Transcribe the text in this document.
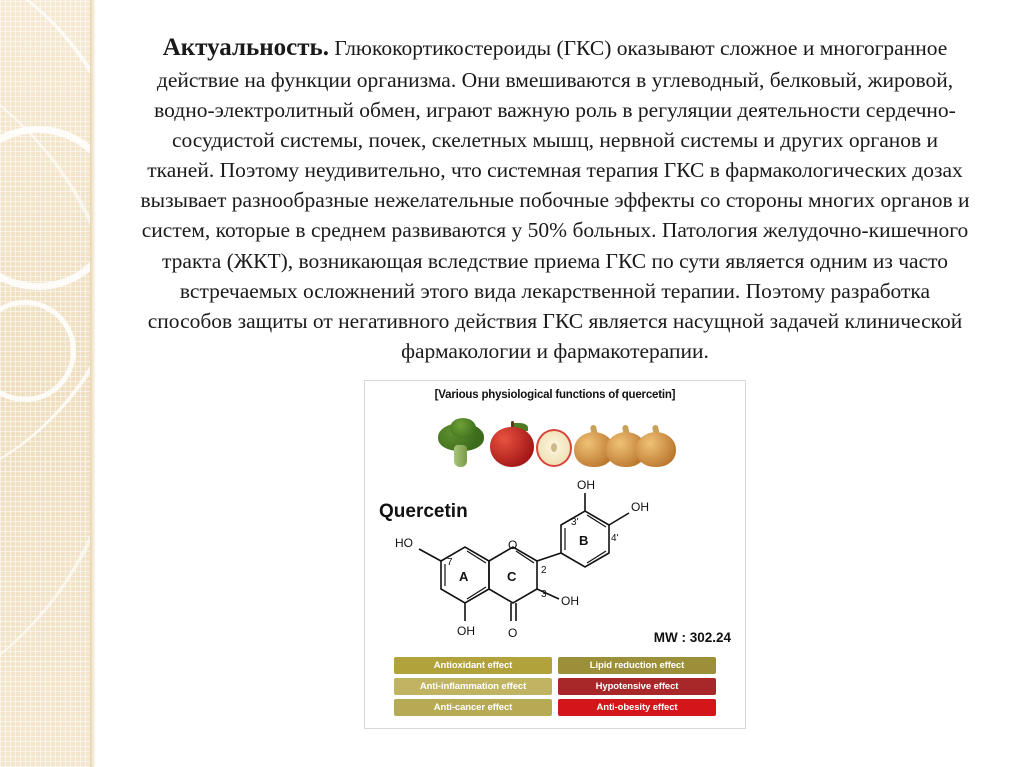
Актуальность. Глюкокортикостероиды (ГКС) оказывают сложное и многогранное действие на функции организма. Они вмешиваются в углеводный, белковый, жировой, водно-электролитный обмен, играют важную роль в регуляции деятельности сердечно-сосудистой системы, почек, скелетных мышц, нервной системы и других органов и тканей. Поэтому неудивительно, что системная терапия ГКС в фармакологических дозах вызывает разнообразные нежелательные побочные эффекты со стороны многих органов и систем, которые в среднем развиваются у 50% больных. Патология желудочно-кишечного тракта (ЖКТ), возникающая вследствие приема ГКС по сути является одним из часто встречаемых осложнений этого вида лекарственной терапии. Поэтому разработка способов защиты от негативного действия ГКС является насущной задачей клинической фармакологии и фармакотерапии.

[Various physiological functions of quercetin]
Quercetin
MW : 302.24
HO
OH
OH
OH
OH
O
O
7
2
3
3'
4'
A	C
B
Antioxidant effect	Lipid reduction effect
Anti-inflammation effect	Hypotensive effect
Anti-cancer effect	Anti-obesity effect
